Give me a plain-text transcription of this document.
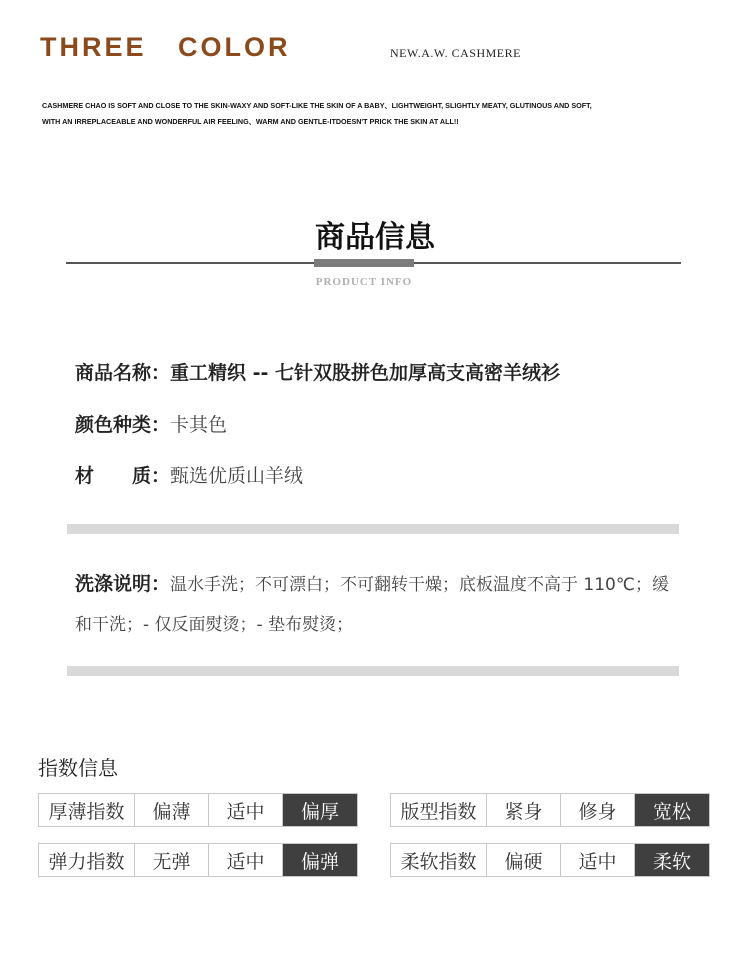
THREE   COLOR	NEW.A.W. CASHMERE
CASHMERE CHAO IS SOFT AND CLOSE TO THE SKIN-WAXY AND SOFT-LIKE THE SKIN OF A BABY、LIGHTWEIGHT, SLIGHTLY MEATY, GLUTINOUS AND SOFT,
WITH AN IRREPLACEABLE AND WONDERFUL AIR FEELING、WARM AND GENTLE-ITDOESN'T PRICK THE SKIN AT ALL!!
商品信息
PRODUCT INFO
商品名称：重工精织 -- 七针双股拼色加厚高支高密羊绒衫
颜色种类：卡其色
材　　质：甄选优质山羊绒
洗涤说明：温水手洗；不可漂白；不可翻转干燥；底板温度不高于 110℃；缓和干洗；- 仅反面熨烫；- 垫布熨烫；
指数信息
厚薄指数	偏薄	适中	偏厚	版型指数	紧身	修身	宽松
弹力指数	无弹	适中	偏弹	柔软指数	偏硬	适中	柔软
